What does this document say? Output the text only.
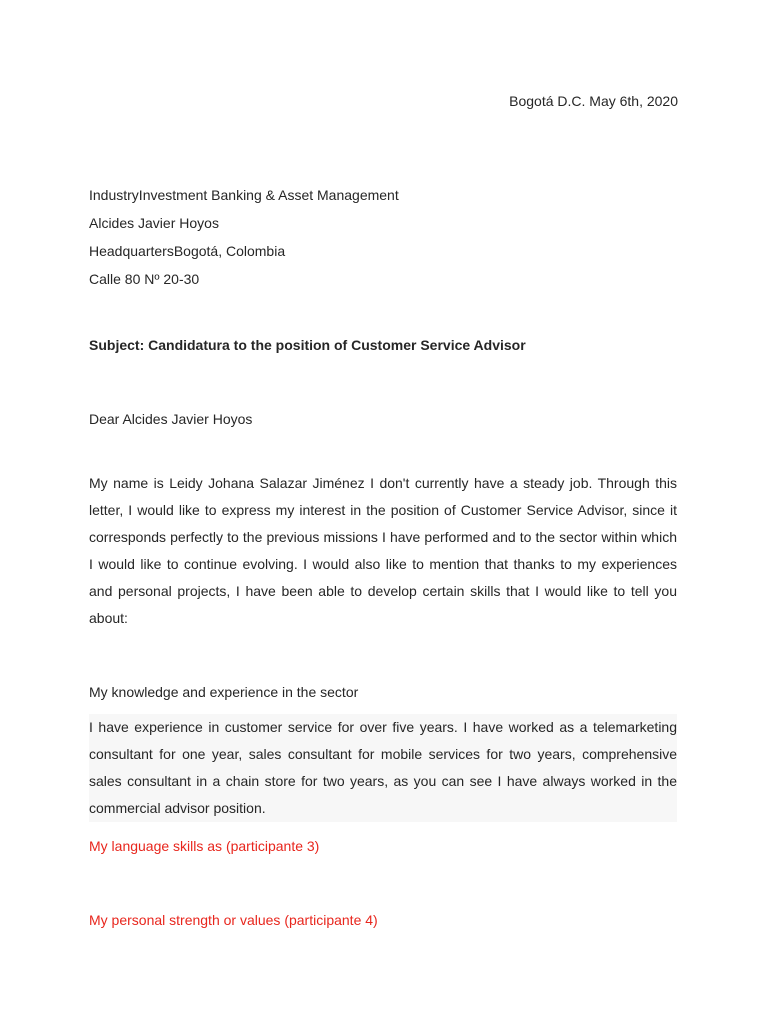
Bogotá D.C. May 6th, 2020
IndustryInvestment Banking & Asset Management
Alcides Javier Hoyos
HeadquartersBogotá, Colombia
Calle 80 Nº 20-30
Subject: Candidatura to the position of Customer Service Advisor
Dear Alcides Javier Hoyos
My name is Leidy Johana Salazar Jiménez I don't currently have a steady job. Through this letter, I would like to express my interest in the position of Customer Service Advisor, since it corresponds perfectly to the previous missions I have performed and to the sector within which I would like to continue evolving. I would also like to mention that thanks to my experiences and personal projects, I have been able to develop certain skills that I would like to tell you about:
My knowledge and experience in the sector
I have experience in customer service for over five years. I have worked as a telemarketing consultant for one year, sales consultant for mobile services for two years, comprehensive sales consultant in a chain store for two years, as you can see I have always worked in the commercial advisor position.
My language skills as (participante 3)
My personal strength or values (participante 4)
